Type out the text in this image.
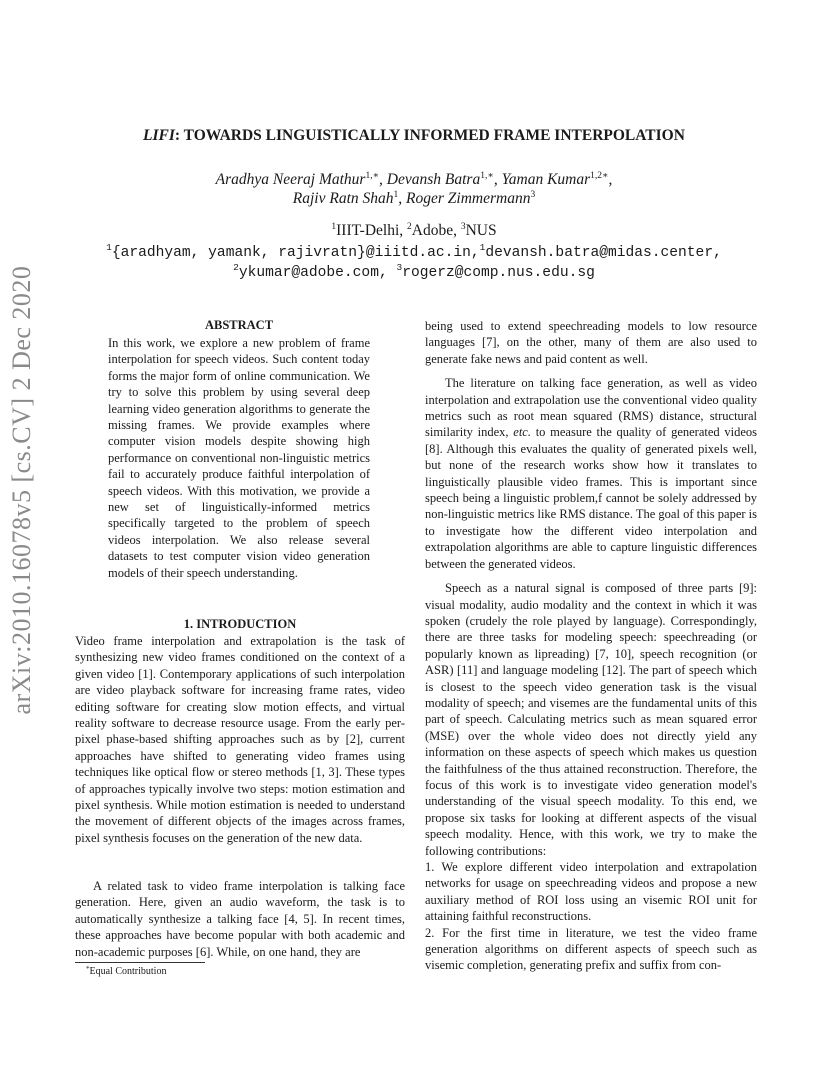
arXiv:2010.16078v5 [cs.CV] 2 Dec 2020
LIFI: TOWARDS LINGUISTICALLY INFORMED FRAME INTERPOLATION
Aradhya Neeraj Mathur$^{1,∗}$, Devansh Batra$^{1,∗}$, Yaman Kumar$^{1,2∗}$,
Rajiv Ratn Shah$^1$, Roger Zimmermann$^3$
$^1$IIIT-Delhi, $^2$Adobe, $^3$NUS
$^1${aradhyam, yamank, rajivratn}@iiitd.ac.in,$^1$devansh.batra@midas.center,
$^2$ykumar@adobe.com, $^3$rogerz@comp.nus.edu.sg
ABSTRACT
In this work, we explore a new problem of frame interpolation for speech videos. Such content today forms the major form of online communication. We try to solve this problem by using several deep learning video generation algorithms to generate the missing frames. We provide examples where computer vision models despite showing high performance on conventional non-linguistic metrics fail to accurately produce faithful interpolation of speech videos. With this motivation, we provide a new set of linguistically-informed metrics specifically targeted to the problem of speech videos interpolation. We also release several datasets to test computer vision video generation models of their speech understanding.
1. INTRODUCTION
Video frame interpolation and extrapolation is the task of synthesizing new video frames conditioned on the context of a given video [1]. Contemporary applications of such interpolation are video playback software for increasing frame rates, video editing software for creating slow motion effects, and virtual reality software to decrease resource usage. From the early per-pixel phase-based shifting approaches such as by [2], current approaches have shifted to generating video frames using techniques like optical flow or stereo methods [1, 3]. These types of approaches typically involve two steps: motion estimation and pixel synthesis. While motion estimation is needed to understand the movement of different objects of the images across frames, pixel synthesis focuses on the generation of the new data.
A related task to video frame interpolation is talking face generation. Here, given an audio waveform, the task is to automatically synthesize a talking face [4, 5]. In recent times, these approaches have become popular with both academic and non-academic purposes [6]. While, on one hand, they are

being used to extend speechreading models to low resource languages [7], on the other, many of them are also used to generate fake news and paid content as well.

The literature on talking face generation, as well as video interpolation and extrapolation use the conventional video quality metrics such as root mean squared (RMS) distance, structural similarity index, etc. to measure the quality of generated videos [8]. Although this evaluates the quality of generated pixels well, but none of the research works show how it translates to linguistically plausible video frames. This is important since speech being a linguistic problem,f cannot be solely addressed by non-linguistic metrics like RMS distance. The goal of this paper is to investigate how the different video interpolation and extrapolation algorithms are able to capture linguistic differences between the generated videos.

Speech as a natural signal is composed of three parts [9]: visual modality, audio modality and the context in which it was spoken (crudely the role played by language). Correspondingly, there are three tasks for modeling speech: speechreading (or popularly known as lipreading) [7, 10], speech recognition (or ASR) [11] and language modeling [12]. The part of speech which is closest to the speech video generation task is the visual modality of speech; and visemes are the fundamental units of this part of speech. Calculating metrics such as mean squared error (MSE) over the whole video does not directly yield any information on these aspects of speech which makes us question the faithfulness of the thus attained reconstruction. Therefore, the focus of this work is to investigate video generation model's understanding of the visual speech modality. To this end, we propose six tasks for looking at different aspects of the visual speech modality. Hence, with this work, we try to make the following contributions:

1. We explore different video interpolation and extrapolation networks for usage on speechreading videos and propose a new auxiliary method of ROI loss using an visemic ROI unit for attaining faithful reconstructions.

2. For the first time in literature, we test the video frame generation algorithms on different aspects of speech such as visemic completion, generating prefix and suffix from con-

*Equal Contribution
